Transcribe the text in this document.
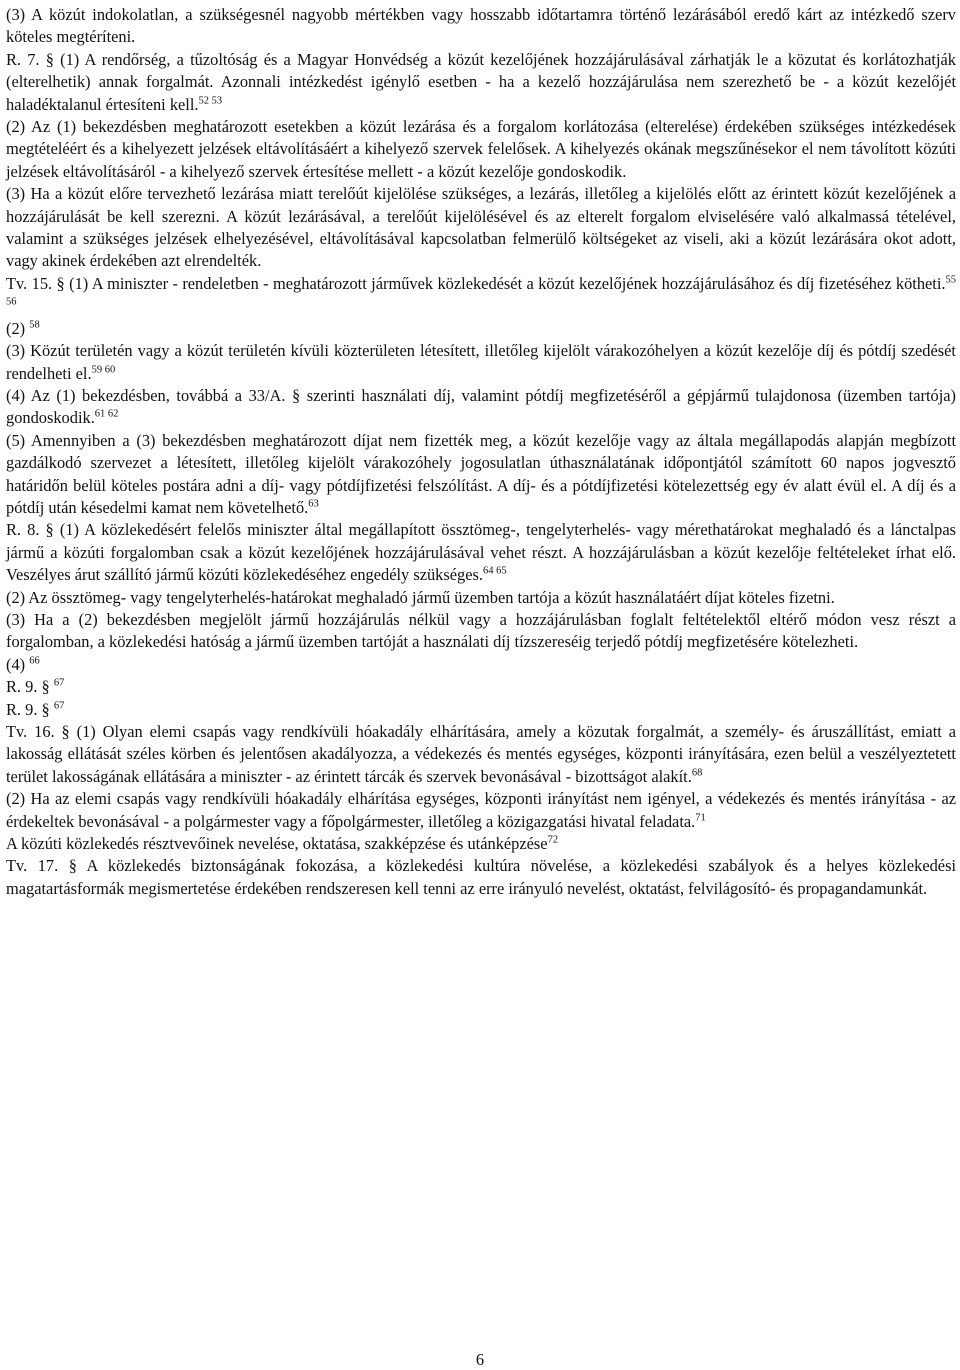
(3) A közút indokolatlan, a szükségesnél nagyobb mértékben vagy hosszabb időtartamra történő lezárásából eredő kárt az intézkedő szerv köteles megtéríteni.

R. 7. § (1) A rendőrség, a tűzoltóság és a Magyar Honvédség a közút kezelőjének hozzájárulásával zárhatják le a közutat és korlátozhatják (elterelhetik) annak forgalmát. Azonnali intézkedést igénylő esetben - ha a kezelő hozzájárulása nem szerezhető be - a közút kezelőjét haladéktalanul értesíteni kell.$^{52 53}$

(2) Az (1) bekezdésben meghatározott esetekben a közút lezárása és a forgalom korlátozása (elterelése) érdekében szükséges intézkedések megtételéért és a kihelyezett jelzések eltávolításáért a kihelyező szervek felelősek. A kihelyezés okának megszűnésekor el nem távolított közúti jelzések eltávolításáról - a kihelyező szervek értesítése mellett - a közút kezelője gondoskodik.

(3) Ha a közút előre tervezhető lezárása miatt terelőút kijelölése szükséges, a lezárás, illetőleg a kijelölés előtt az érintett közút kezelőjének a hozzájárulását be kell szerezni. A közút lezárásával, a terelőút kijelölésével és az elterelt forgalom elviselésére való alkalmassá tételével, valamint a szükséges jelzések elhelyezésével, eltávolításával kapcsolatban felmerülő költségeket az viseli, aki a közút lezárására okot adott, vagy akinek érdekében azt elrendelték.

Tv. 15. § (1) A miniszter - rendeletben - meghatározott járművek közlekedését a közút kezelőjének hozzájárulásához és díj fizetéséhez kötheti.$^{55 56}$

(2) $^{58}$

(3) Közút területén vagy a közút területén kívüli közterületen létesített, illetőleg kijelölt várakozóhelyen a közút kezelője díj és pótdíj szedését rendelheti el.$^{59 60}$

(4) Az (1) bekezdésben, továbbá a 33/A. § szerinti használati díj, valamint pótdíj megfizetéséről a gépjármű tulajdonosa (üzemben tartója) gondoskodik.$^{61 62}$

(5) Amennyiben a (3) bekezdésben meghatározott díjat nem fizették meg, a közút kezelője vagy az általa megállapodás alapján megbízott gazdálkodó szervezet a létesített, illetőleg kijelölt várakozóhely jogosulatlan úthasználatának időpontjától számított 60 napos jogvesztő határidőn belül köteles postára adni a díj- vagy pótdíjfizetési felszólítást. A díj- és a pótdíjfizetési kötelezettség egy év alatt évül el. A díj és a pótdíj után késedelmi kamat nem követelhető.$^{63}$

R. 8. § (1) A közlekedésért felelős miniszter által megállapított össztömeg-, tengelyterhelés- vagy mérethatárokat meghaladó és a lánctalpas jármű a közúti forgalomban csak a közút kezelőjének hozzájárulásával vehet részt. A hozzájárulásban a közút kezelője feltételeket írhat elő. Veszélyes árut szállító jármű közúti közlekedéséhez engedély szükséges.$^{64 65}$

(2) Az össztömeg- vagy tengelyterhelés-határokat meghaladó jármű üzemben tartója a közút használatáért díjat köteles fizetni.

(3) Ha a (2) bekezdésben megjelölt jármű hozzájárulás nélkül vagy a hozzájárulásban foglalt feltételektől eltérő módon vesz részt a forgalomban, a közlekedési hatóság a jármű üzemben tartóját a használati díj tízszereséig terjedő pótdíj megfizetésére kötelezheti.

(4) $^{66}$

R. 9. § $^{67}$

R. 9. § $^{67}$

Tv. 16. § (1) Olyan elemi csapás vagy rendkívüli hóakadály elhárítására, amely a közutak forgalmát, a személy- és áruszállítást, emiatt a lakosság ellátását széles körben és jelentősen akadályozza, a védekezés és mentés egységes, központi irányítására, ezen belül a veszélyeztetett terület lakosságának ellátására a miniszter - az érintett tárcák és szervek bevonásával - bizottságot alakít.$^{68}$

(2) Ha az elemi csapás vagy rendkívüli hóakadály elhárítása egységes, központi irányítást nem igényel, a védekezés és mentés irányítása - az érdekeltek bevonásával - a polgármester vagy a főpolgármester, illetőleg a közigazgatási hivatal feladata.$^{71}$

A közúti közlekedés résztvevőinek nevelése, oktatása, szakképzése és utánképzése$^{72}$

Tv. 17. § A közlekedés biztonságának fokozása, a közlekedési kultúra növelése, a közlekedési szabályok és a helyes közlekedési magatartásformák megismertetése érdekében rendszeresen kell tenni az erre irányuló nevelést, oktatást, felvilágosító- és propagandamunkát.

6
